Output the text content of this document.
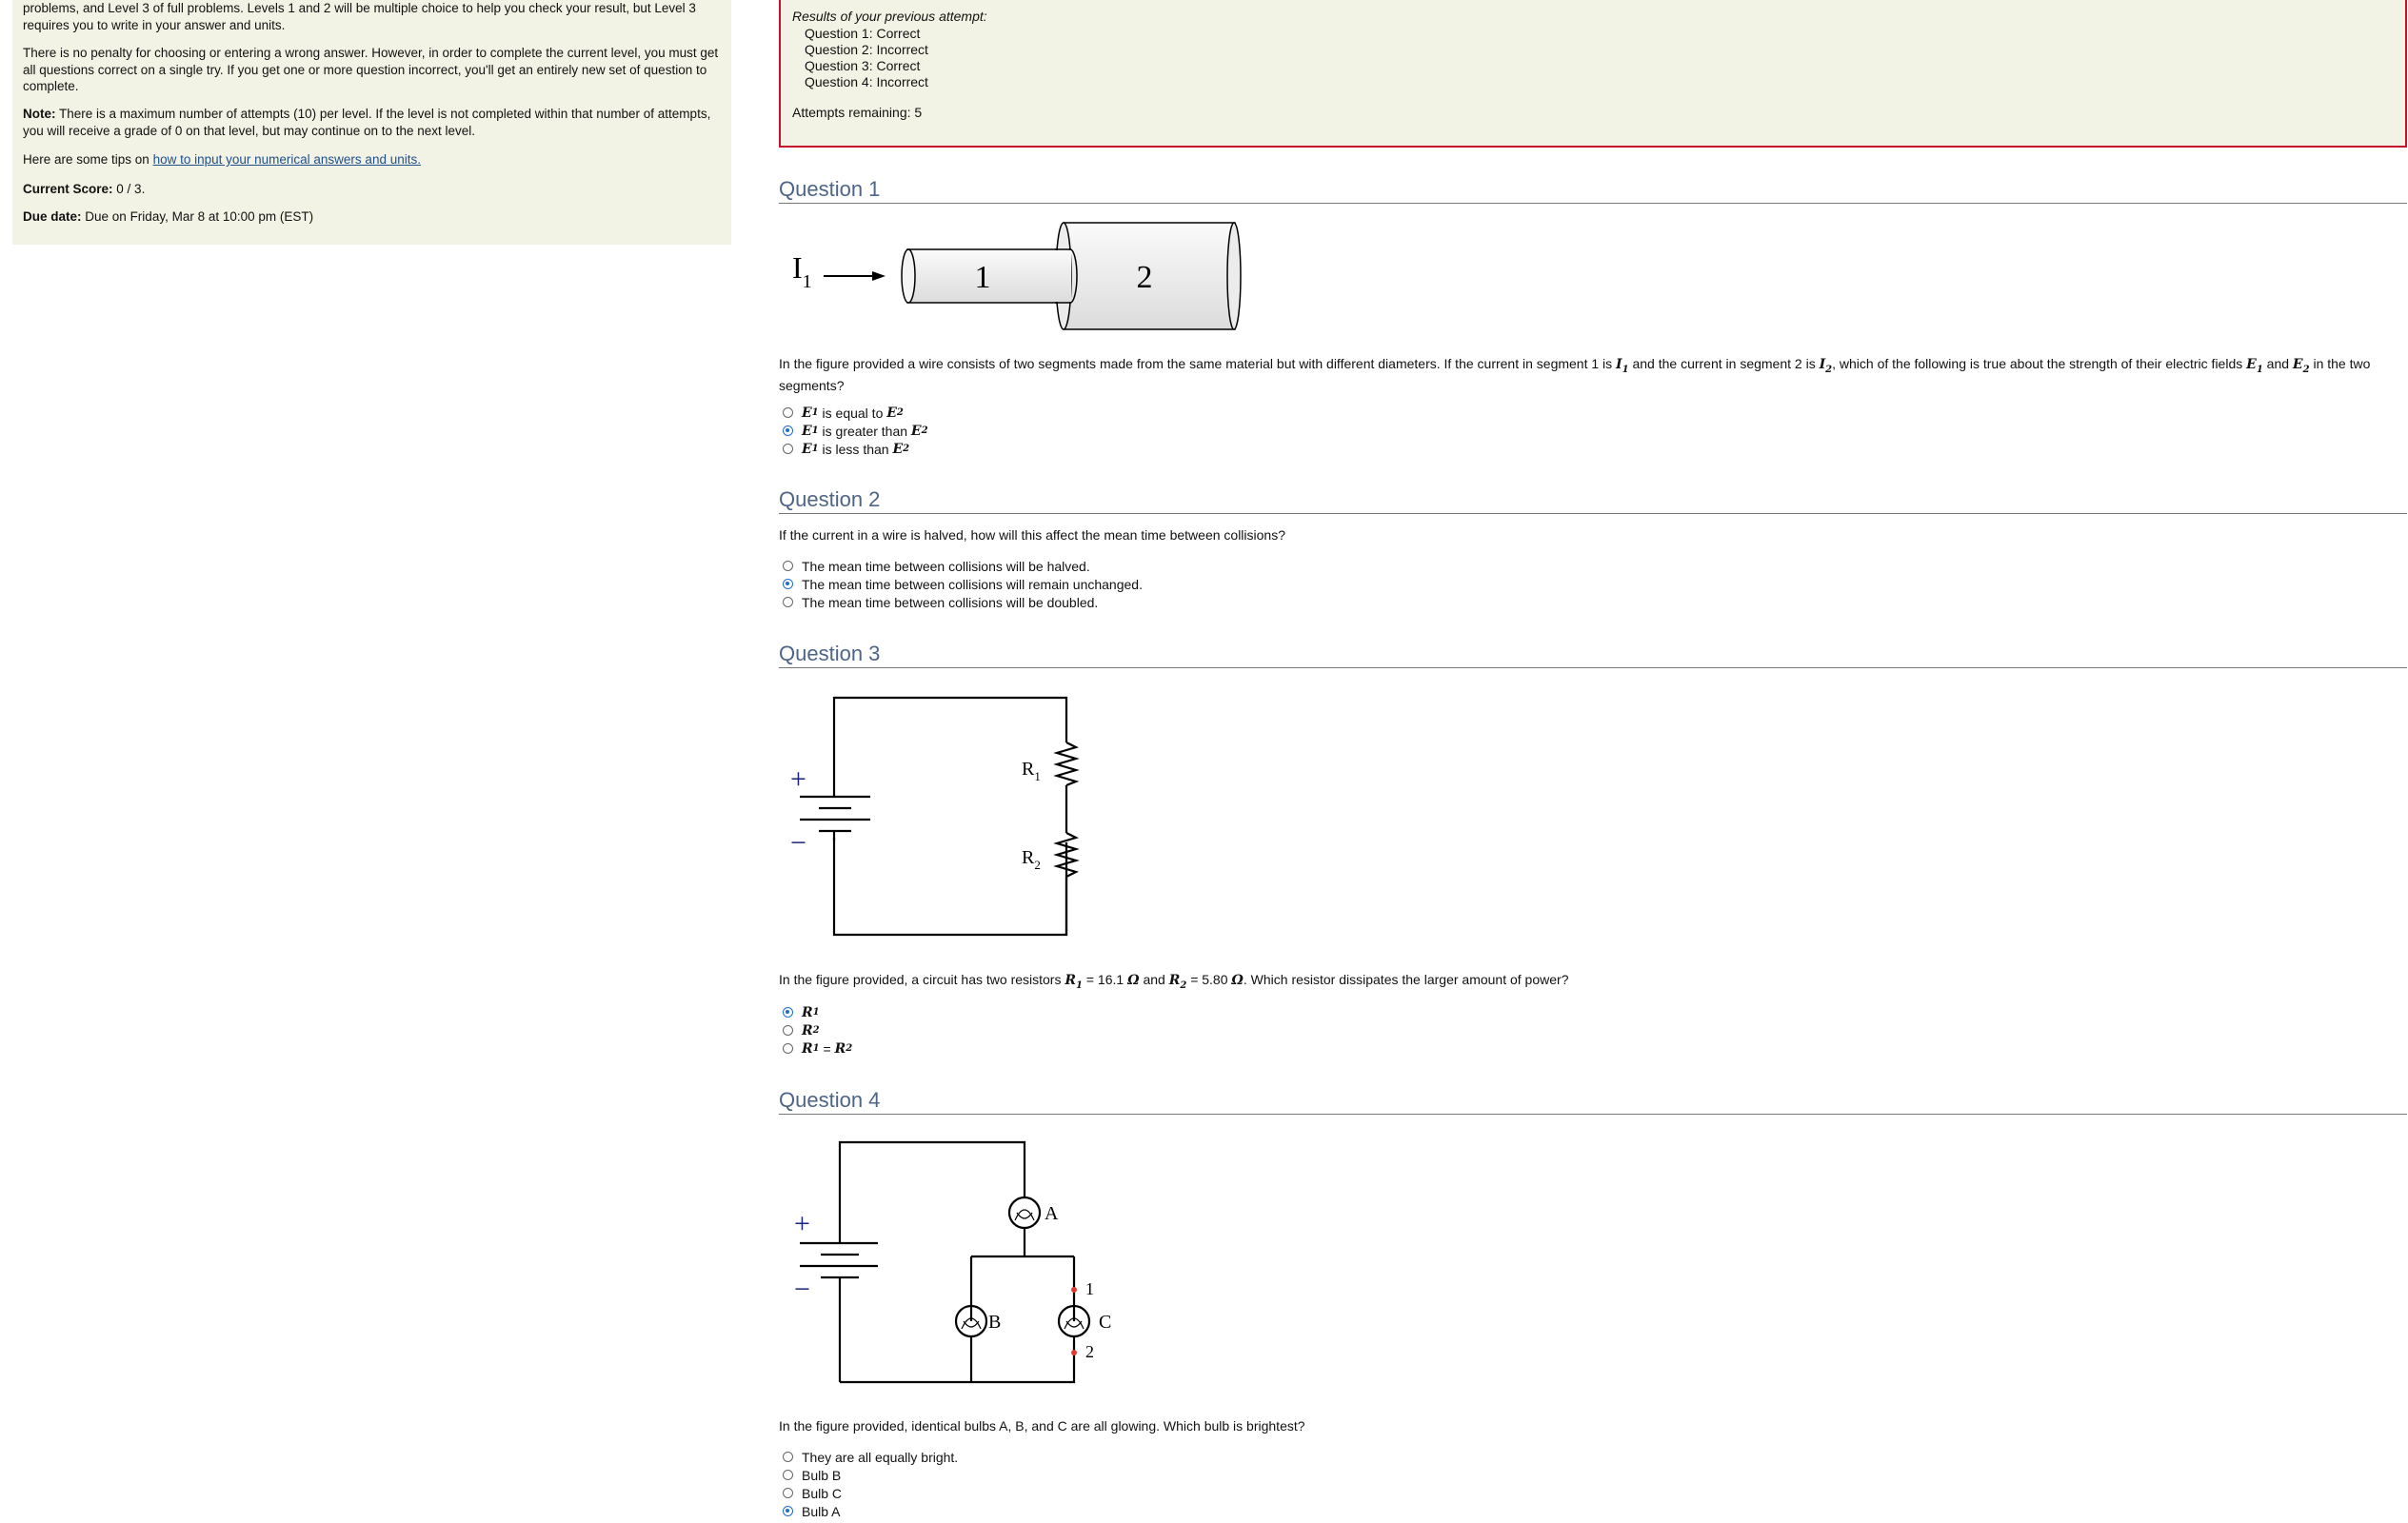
problems, and Level 3 of full problems. Levels 1 and 2 will be multiple choice to help you check your result, but Level 3 requires you to write in your answer and units.

There is no penalty for choosing or entering a wrong answer. However, in order to complete the current level, you must get all questions correct on a single try. If you get one or more question incorrect, you'll get an entirely new set of question to complete.

Note: There is a maximum number of attempts (10) per level. If the level is not completed within that number of attempts, you will receive a grade of 0 on that level, but may continue on to the next level.

Here are some tips on how to input your numerical answers and units.

Current Score: 0 / 3.

Due date: Due on Friday, Mar 8 at 10:00 pm (EST)

Results of your previous attempt:
Question 1: Correct
Question 2: Incorrect
Question 3: Correct
Question 4: Incorrect
Attempts remaining: 5
Question 1
$I_1$	1	2
In the figure provided a wire consists of two segments made from the same material but with different diameters. If the current in segment 1 is $I_1$ and the current in segment 2 is $I_2$, which of the following is true about the strength of their electric fields $E_1$ and $E_2$ in the two segments?
E 1
is equal to
E 2
E 1
is greater than
E 2
E 1
is less than
E 2
Question 2
If the current in a wire is halved, how will this affect the mean time between collisions?
The mean time between collisions will be halved.
The mean time between collisions will remain unchanged.
The mean time between collisions will be doubled.
Question 3
+
−
$R_1$
$R_2$
In the figure provided, a circuit has two resistors $R_1 = 16.1$ Ω and $R_2 = 5.80$ Ω. Which resistor dissipates the larger amount of power?
R 1
R 2
R 1
=
R 2
Question 4
+
−
A
B	C
1
2
In the figure provided, identical bulbs A, B, and C are all glowing. Which bulb is brightest?
They are all equally bright.
Bulb B
Bulb C
Bulb A
